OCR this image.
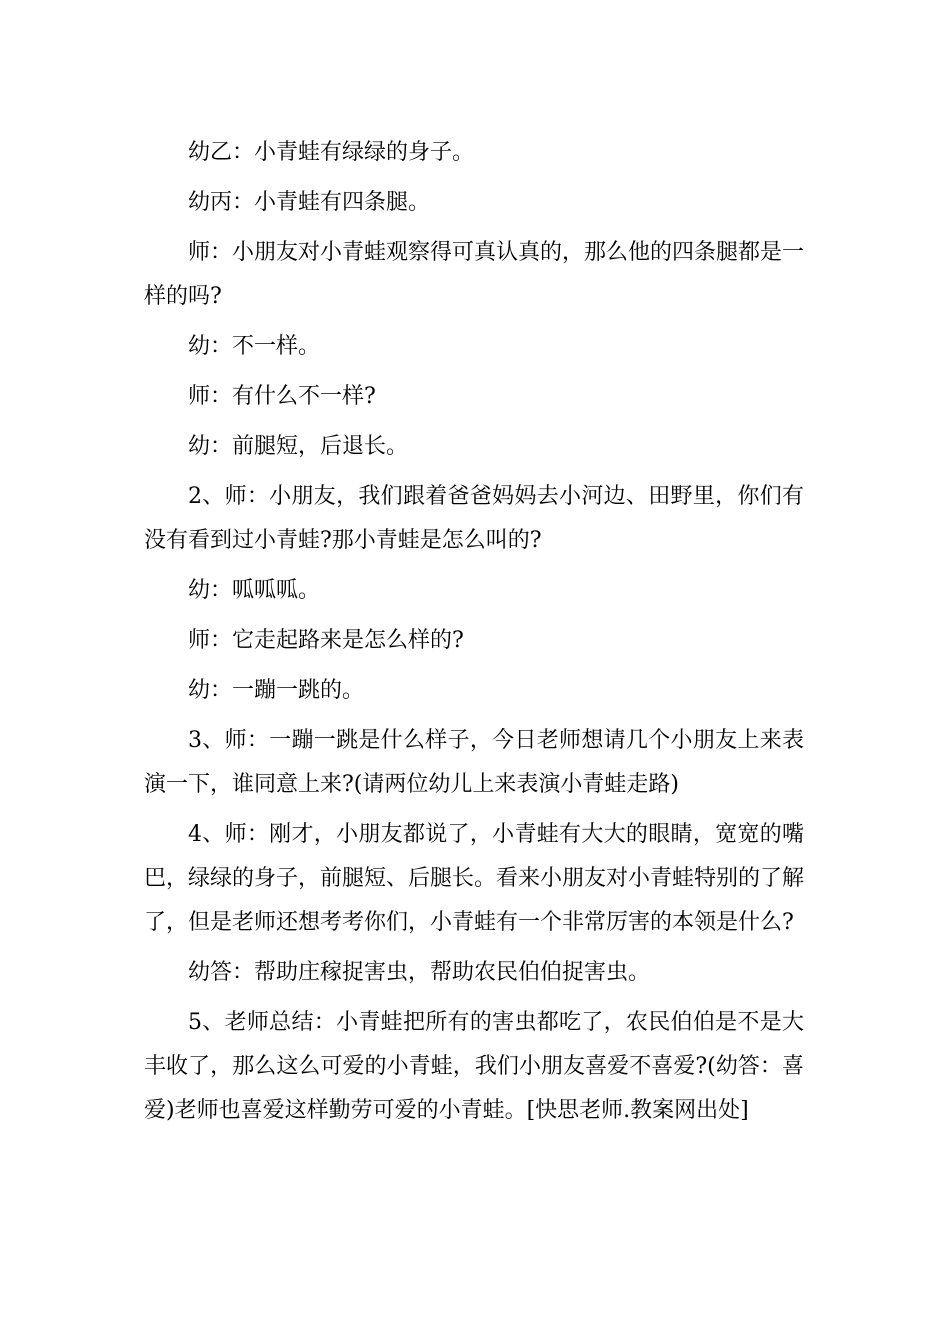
幼乙：小青蛙有绿绿的身子。

幼丙：小青蛙有四条腿。

师：小朋友对小青蛙观察得可真认真的，那么他的四条腿都是一样的吗?

幼：不一样。

师：有什么不一样?

幼：前腿短，后退长。

2、师：小朋友，我们跟着爸爸妈妈去小河边、田野里，你们有没有看到过小青蛙?那小青蛙是怎么叫的?

幼：呱呱呱。

师：它走起路来是怎么样的?

幼：一蹦一跳的。

3、师：一蹦一跳是什么样子，今日老师想请几个小朋友上来表演一下，谁同意上来?(请两位幼儿上来表演小青蛙走路)

4、师：刚才，小朋友都说了，小青蛙有大大的眼睛，宽宽的嘴巴，绿绿的身子，前腿短、后腿长。看来小朋友对小青蛙特别的了解了，但是老师还想考考你们，小青蛙有一个非常厉害的本领是什么?

幼答：帮助庄稼捉害虫，帮助农民伯伯捉害虫。

5、老师总结：小青蛙把所有的害虫都吃了，农民伯伯是不是大丰收了，那么这么可爱的小青蛙，我们小朋友喜爱不喜爱?(幼答：喜爱)老师也喜爱这样勤劳可爱的小青蛙。[快思老师.教案网出处]
